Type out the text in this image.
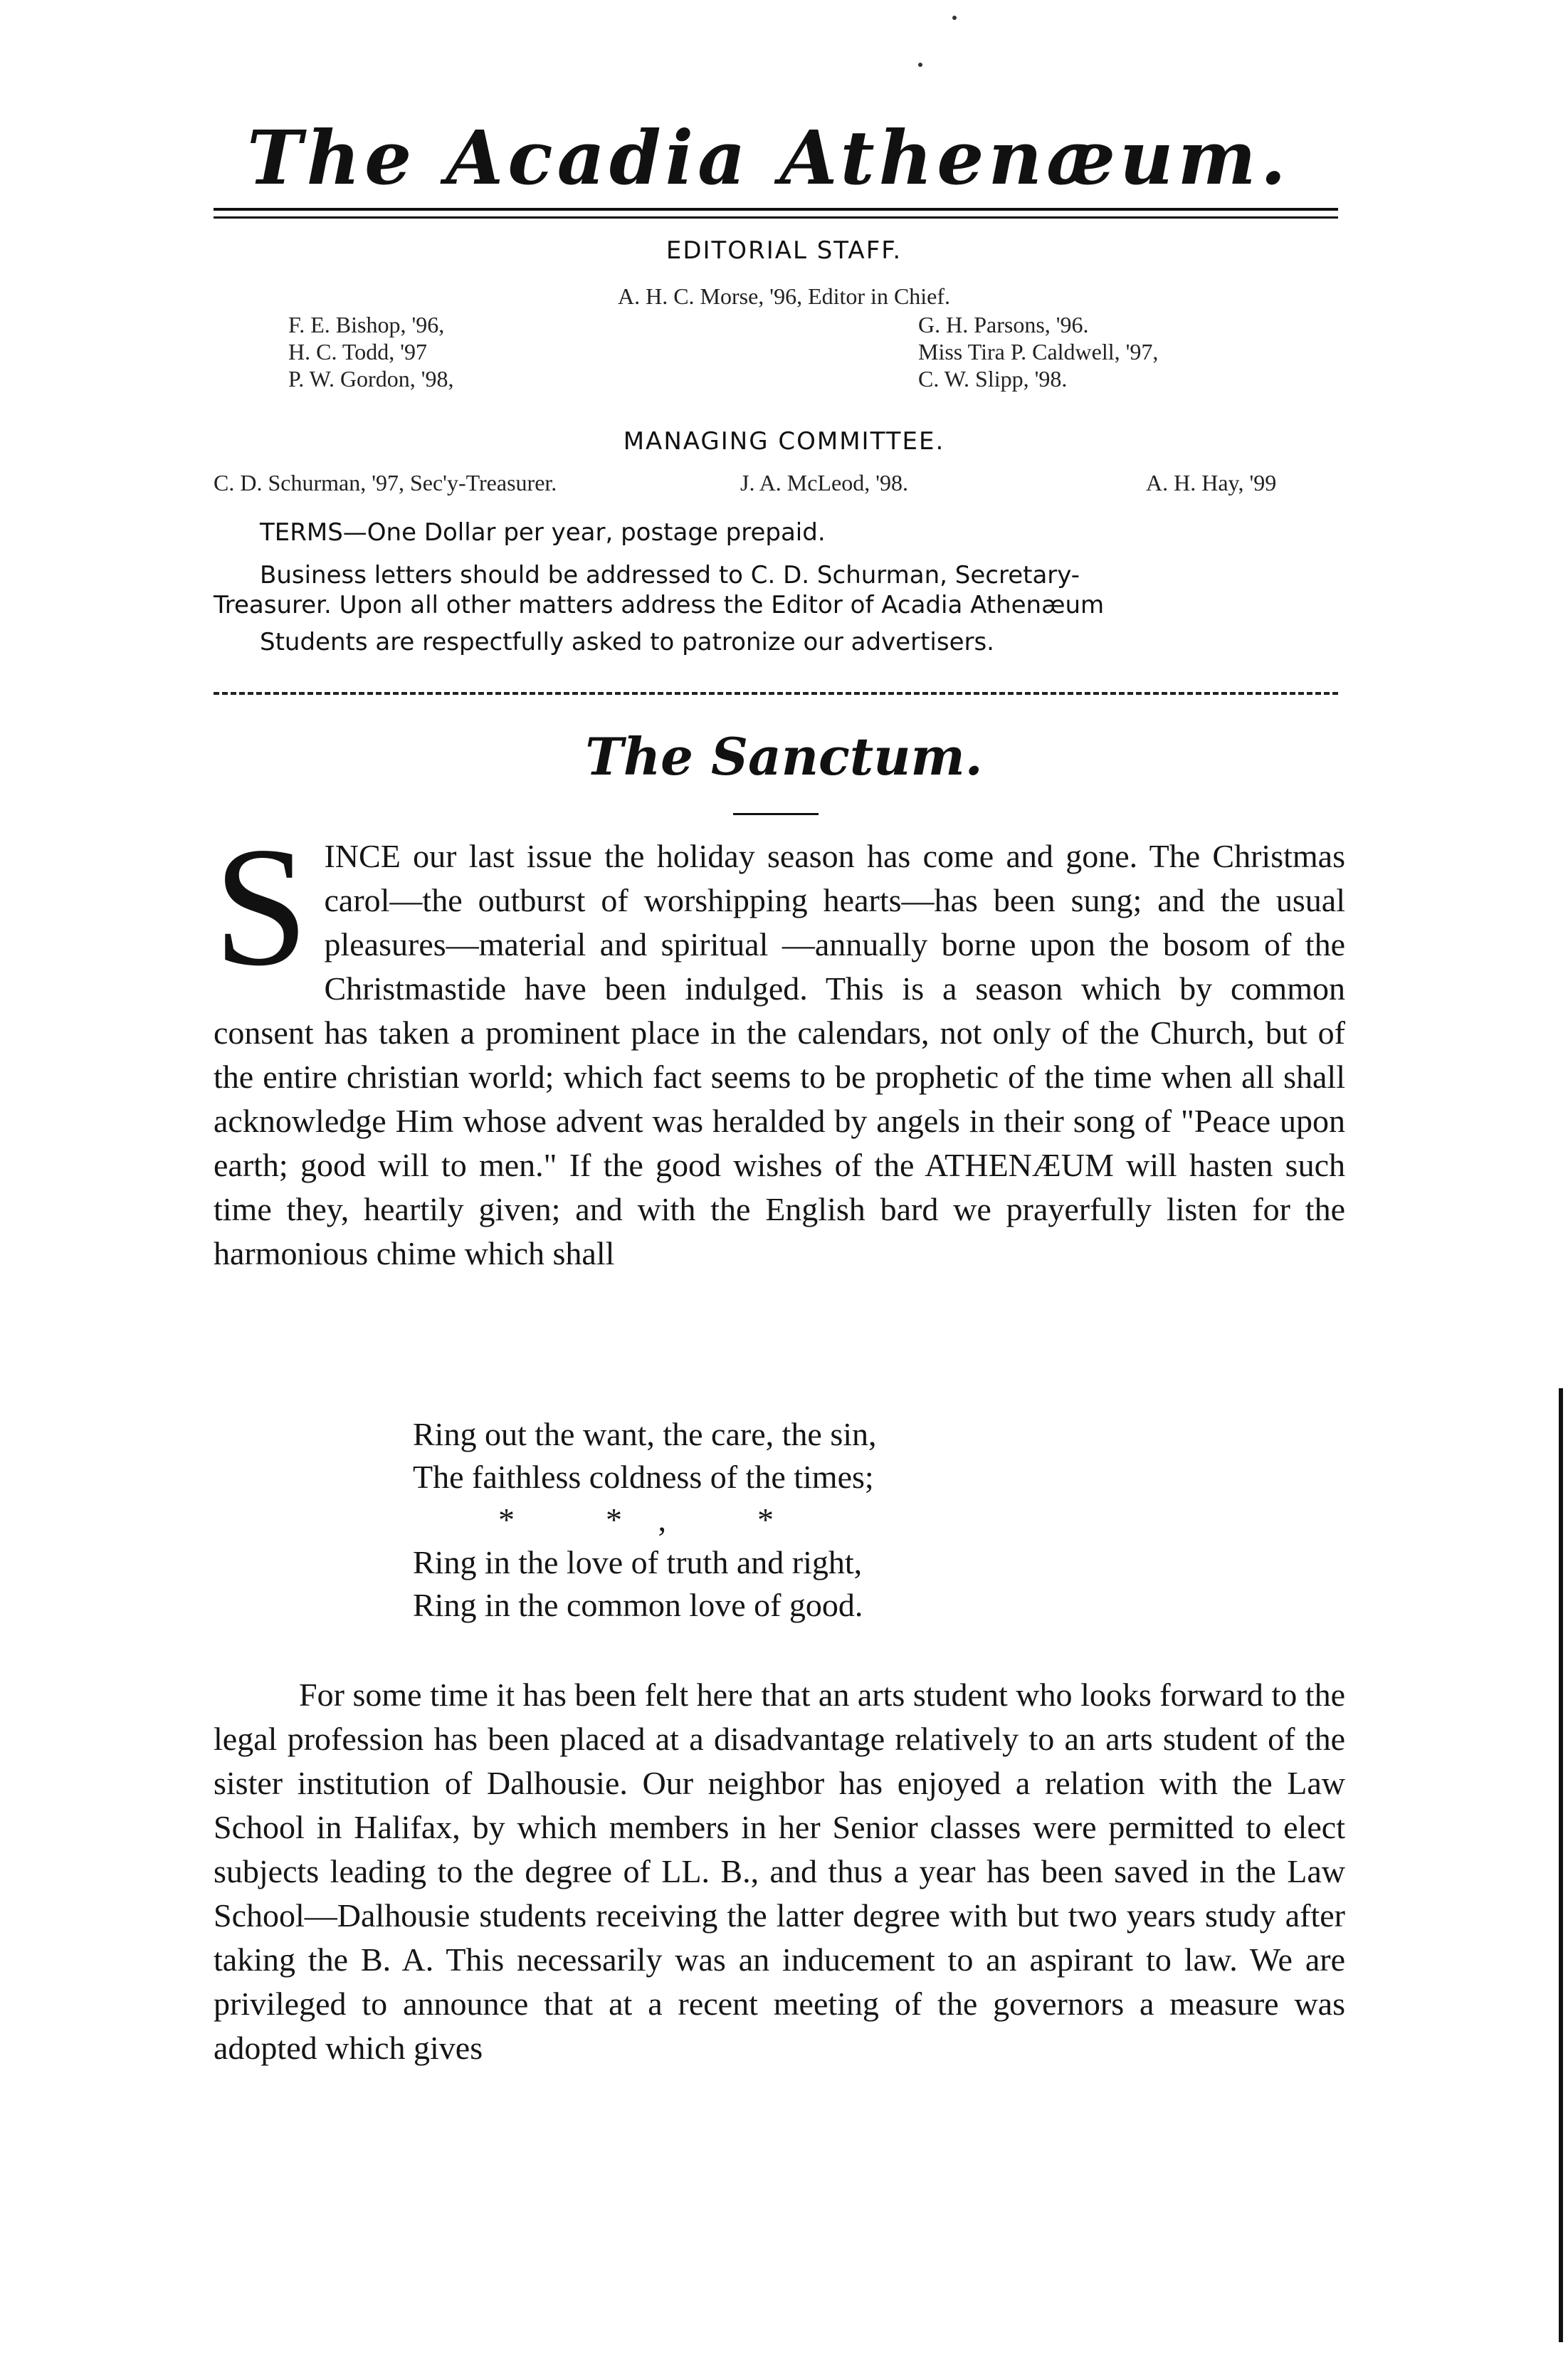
The Acadia Athenæum.
EDITORIAL STAFF.
A. H. C. Morse, '96, Editor in Chief.
F. E. Bishop, '96,
H. C. Todd, '97
P. W. Gordon, '98,
G. H. Parsons, '96.
Miss Tira P. Caldwell, '97,
C. W. Slipp, '98.
MANAGING COMMITTEE.
C. D. Schurman, '97, Sec'y-Treasurer.	J. A. McLeod, '98.	A. H. Hay, '99
TERMS—One Dollar per year, postage prepaid.
Business letters should be addressed to C. D. Schurman, Secretary-
Treasurer. Upon all other matters address the Editor of Acadia Athenæum
Students are respectfully asked to patronize our advertisers.
The Sanctum.
S INCE our last issue the holiday season has come and gone. The Christmas carol—the outburst of worshipping hearts—has been sung; and the usual pleasures—material and spiritual —annually borne upon the bosom of the Christmastide have been indulged. This is a season which by common consent has taken a prominent place in the calendars, not only of the Church, but of the entire christian world; which fact seems to be prophetic of the time when all shall acknowledge Him whose advent was heralded by angels in their song of "Peace upon earth; good will to men." If the good wishes of the ATHENÆUM will hasten such time they, heartily given; and with the English bard we prayerfully listen for the harmonious chime which shall
Ring out the want, the care, the sin,
The faithless coldness of the times;
*        *   ,        *
Ring in the love of truth and right,
Ring in the common love of good.
For some time it has been felt here that an arts student who looks forward to the legal profession has been placed at a disadvantage relatively to an arts student of the sister institution of Dalhousie. Our neighbor has enjoyed a relation with the Law School in Halifax, by which members in her Senior classes were permitted to elect subjects leading to the degree of LL. B., and thus a year has been saved in the Law School—Dalhousie students receiving the latter degree with but two years study after taking the B. A. This necessarily was an inducement to an aspirant to law. We are privileged to announce that at a recent meeting of the governors a measure was adopted which gives
